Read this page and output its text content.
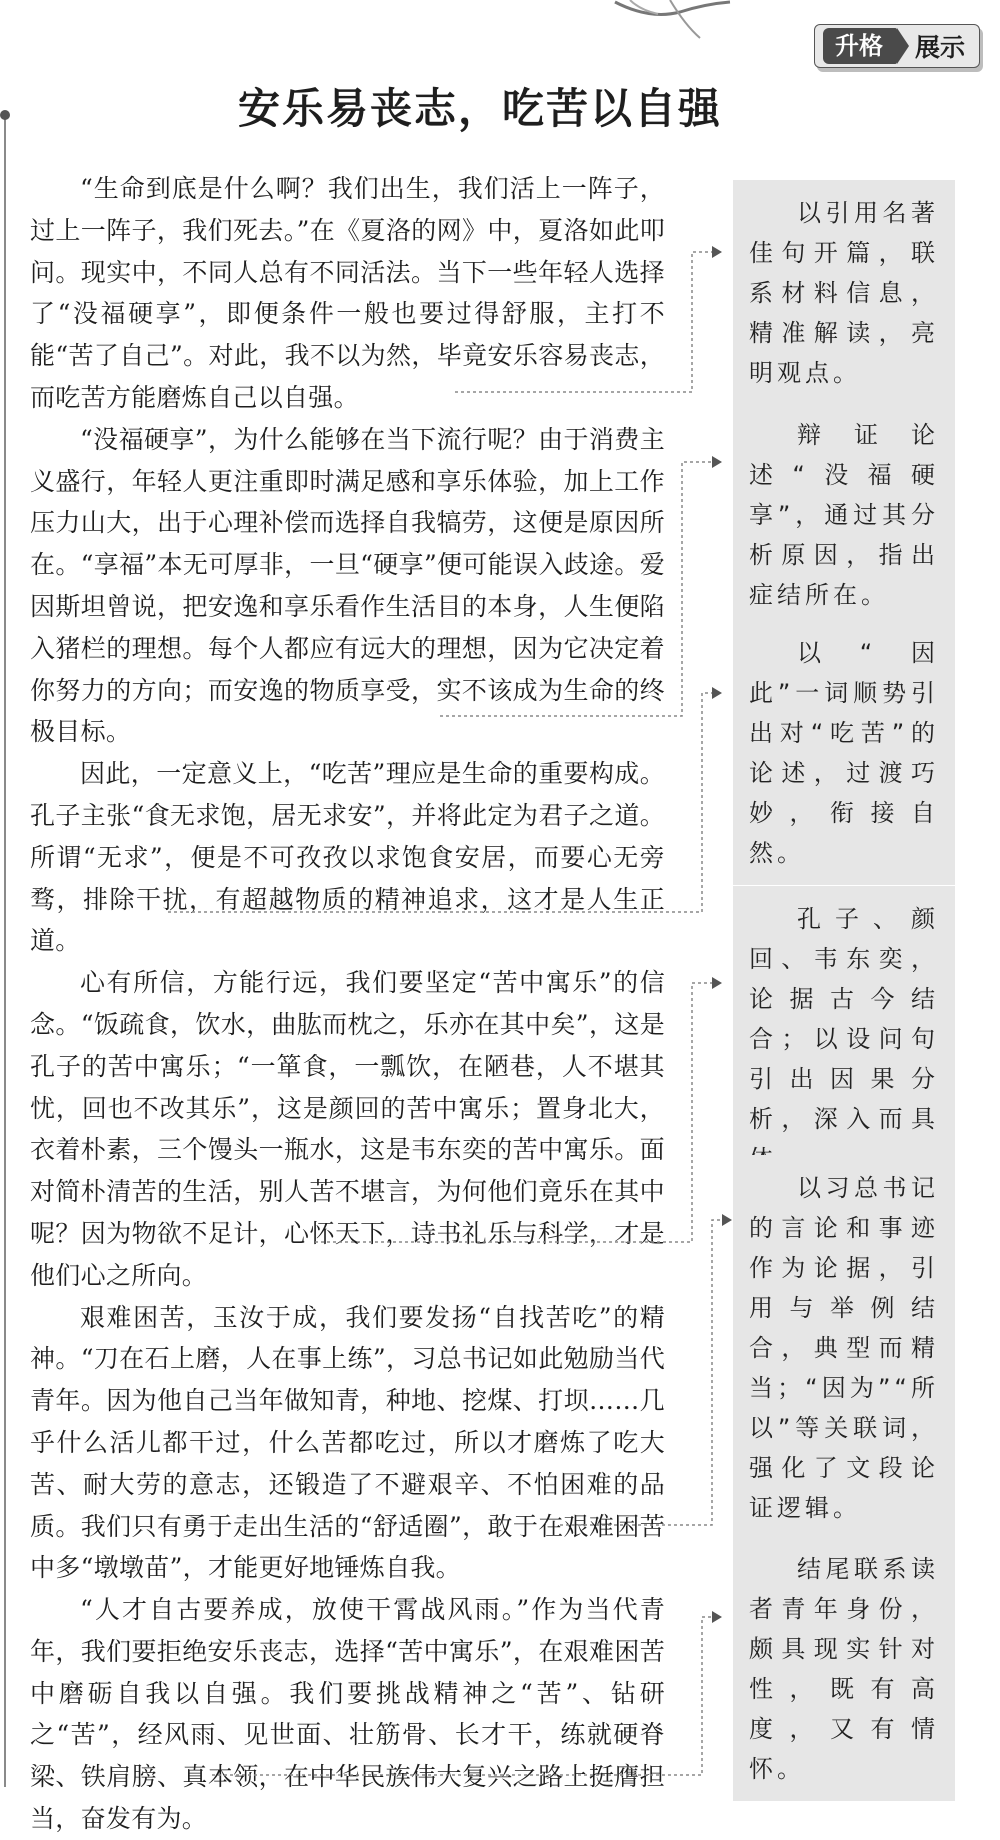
升格	展示
安乐易丧志，吃苦以自强

“生命到底是什么啊？我们出生，我们活上一阵子，过上一阵子，我们死去。”在《夏洛的网》中，夏洛如此叩问。现实中，不同人总有不同活法。当下一些年轻人选择了“没福硬享”，即便条件一般也要过得舒服，主打不能“苦了自己”。对此，我不以为然，毕竟安乐容易丧志，而吃苦方能磨炼自己以自强。

“没福硬享”，为什么能够在当下流行呢？由于消费主义盛行，年轻人更注重即时满足感和享乐体验，加上工作压力山大，出于心理补偿而选择自我犒劳，这便是原因所在。“享福”本无可厚非，一旦“硬享”便可能误入歧途。爱因斯坦曾说，把安逸和享乐看作生活目的本身，人生便陷入猪栏的理想。每个人都应有远大的理想，因为它决定着你努力的方向；而安逸的物质享受，实不该成为生命的终极目标。

因此，一定意义上，“吃苦”理应是生命的重要构成。孔子主张“食无求饱，居无求安”，并将此定为君子之道。所谓“无求”，便是不可孜孜以求饱食安居，而要心无旁骛，排除干扰，有超越物质的精神追求，这才是人生正道。

心有所信，方能行远，我们要坚定“苦中寓乐”的信念。“饭疏食，饮水，曲肱而枕之，乐亦在其中矣”，这是孔子的苦中寓乐；“一箪食，一瓢饮，在陋巷，人不堪其忧，回也不改其乐”，这是颜回的苦中寓乐；置身北大，衣着朴素，三个馒头一瓶水，这是韦东奕的苦中寓乐。面对简朴清苦的生活，别人苦不堪言，为何他们竟乐在其中呢？因为物欲不足计，心怀天下，诗书礼乐与科学，才是他们心之所向。

艰难困苦，玉汝于成，我们要发扬“自找苦吃”的精神。“刀在石上磨，人在事上练”，习总书记如此勉励当代青年。因为他自己当年做知青，种地、挖煤、打坝……几乎什么活儿都干过，什么苦都吃过，所以才磨炼了吃大苦、耐大劳的意志，还锻造了不避艰辛、不怕困难的品质。我们只有勇于走出生活的“舒适圈”，敢于在艰难困苦中多“墩墩苗”，才能更好地锤炼自我。

“人才自古要养成，放使干霄战风雨。”作为当代青年，我们要拒绝安乐丧志，选择“苦中寓乐”，在艰难困苦中磨砺自我以自强。我们要挑战精神之“苦”、钻研之“苦”，经风雨、见世面、壮筋骨、长才干，练就硬脊梁、铁肩膀、真本领，在中华民族伟大复兴之路上挺膺担当，奋发有为。

以引用名著佳句开篇，联系材料信息，精准解读，亮明观点。
辩证论述“没福硬享”，通过其分析原因，指出症结所在。
以“因此”一词顺势引出对“吃苦”的论述，过渡巧妙，衔接自然。
孔子、颜回、韦东奕，论据古今结合；以设问句引出因果分析，深入而具
以习总书记的言论和事迹作为论据，引用与举例结合，典型而精当；“因为”“所以”等关联词，强化了文段论证逻辑。
结尾联系读者青年身份，颇具现实针对性，既有高度，又有情怀。
